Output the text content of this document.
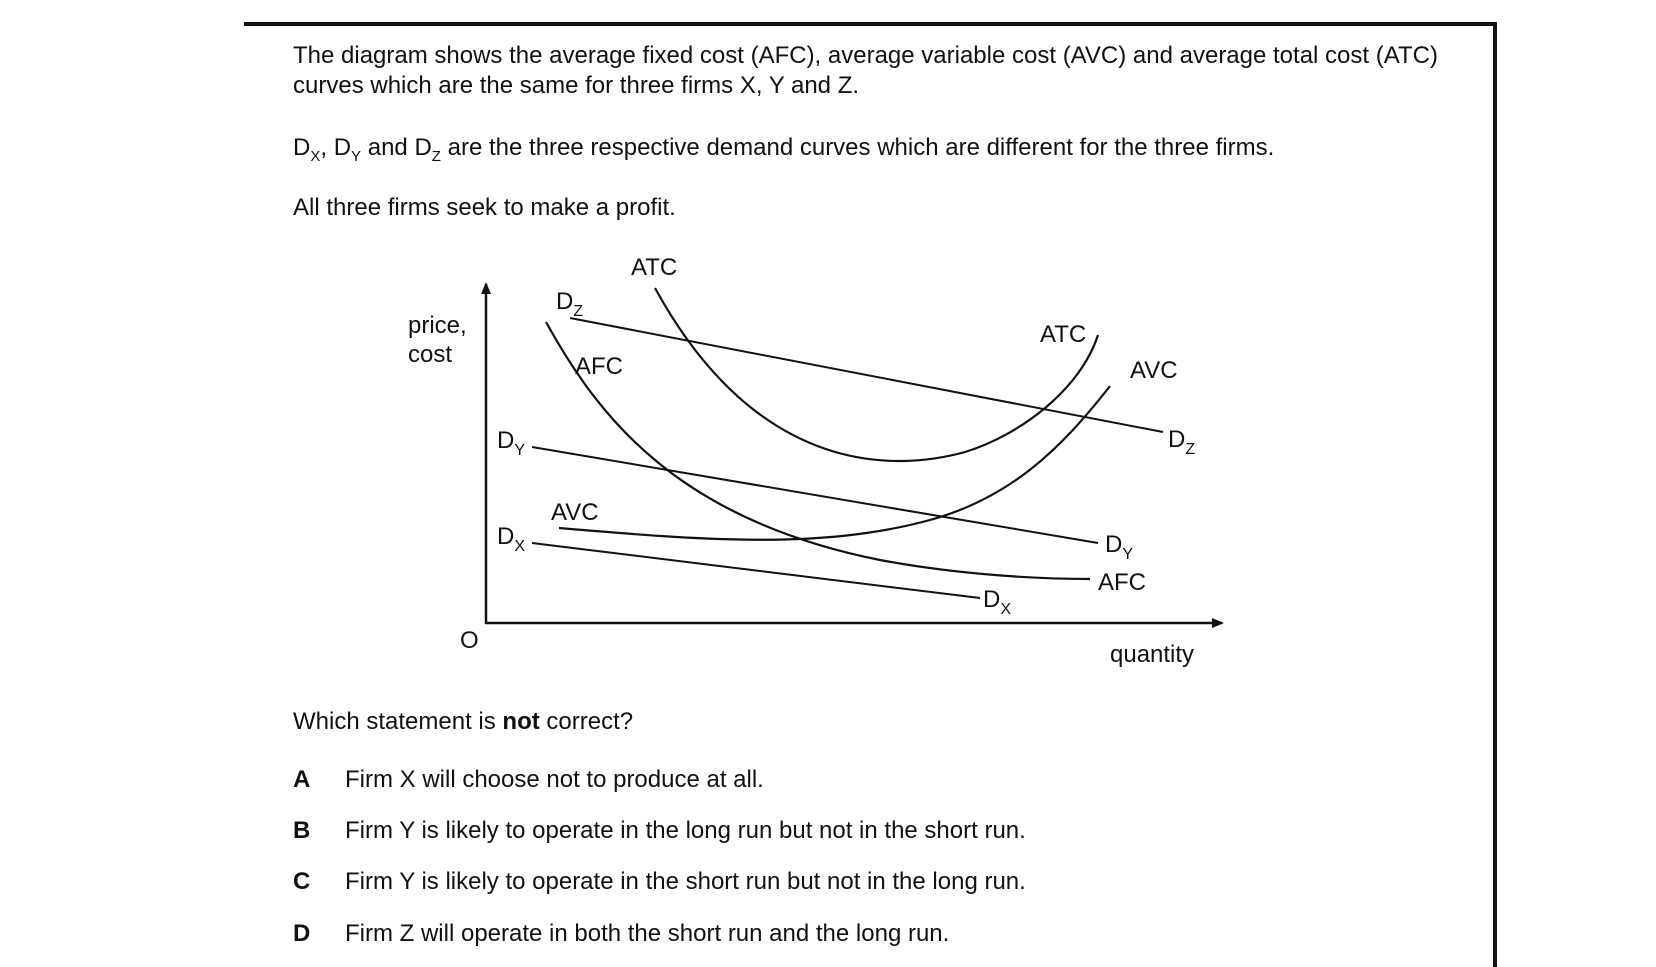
The diagram shows the average fixed cost (AFC), average variable cost (AVC) and average total cost (ATC) curves which are the same for three firms X, Y and Z.

$D_X$, $D_Y$ and $D_Z$ are the three respective demand curves which are different for the three firms.

All three firms seek to make a profit.

price,
cost
O
quantity
ATC
ATC
AFC	AVC
AVC
AFC
$D_Z$
$D_Z$
$D_Y$
$D_Y$
$D_X$
$D_X$

Which statement is not correct?

A Firm X will choose not to produce at all.
B Firm Y is likely to operate in the long run but not in the short run.
C Firm Y is likely to operate in the short run but not in the long run.
D Firm Z will operate in both the short run and the long run.
